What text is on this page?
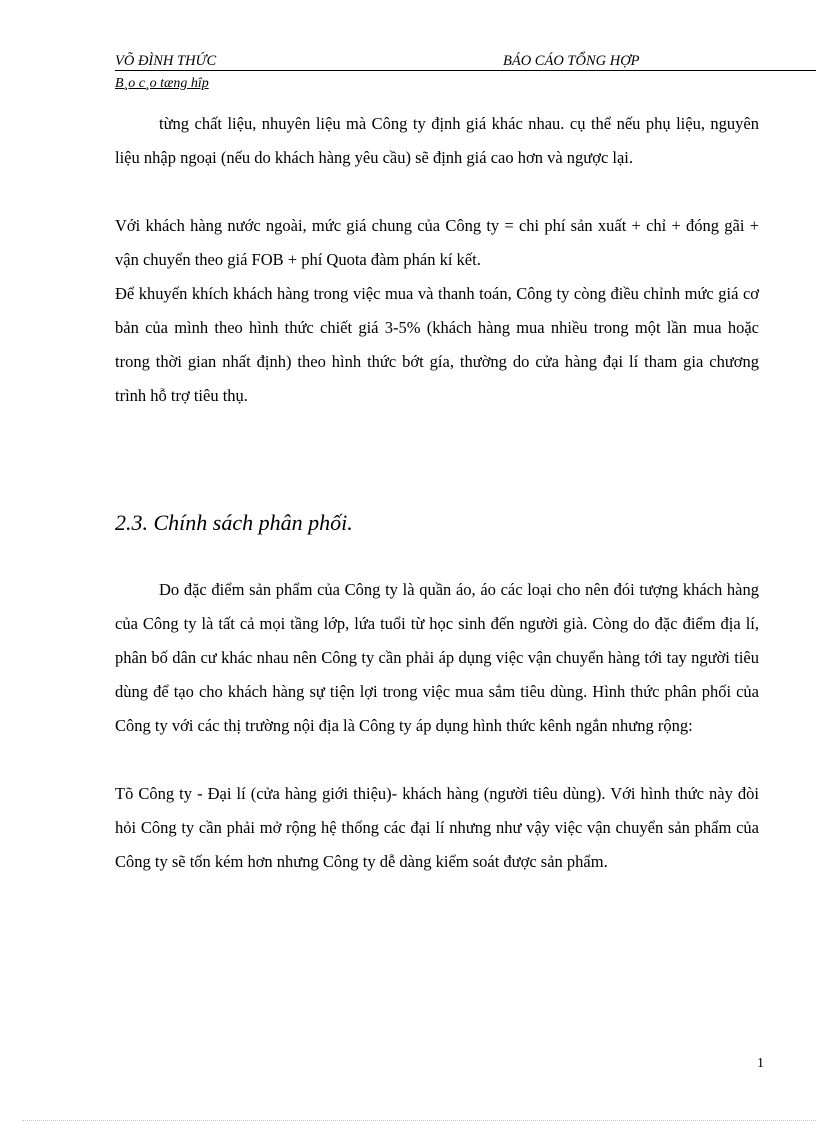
VÕ ĐÌNH THỨC	BÁO CÁO TỔNG HỢP
B¸o c¸o tæng hîp

từng chất liệu, nhuyên liệu mà Công ty định giá khác nhau. cụ thể nếu phụ liệu, nguyên liệu nhập ngoại (nếu do khách hàng yêu cầu) sẽ định giá cao hơn và ngược lại.

Với khách hàng nước ngoài, mức giá chung của Công ty = chi phí sản xuất + chỉ + đóng gãi + vận chuyển theo giá FOB + phí Quota đàm phán kí kết.

Để khuyến khích khách hàng trong việc mua và thanh toán, Công ty còng điều chỉnh mức giá cơ bản của mình theo hình thức chiết giá 3-5% (khách hàng mua nhiều trong một lần mua hoặc trong thời gian nhất định) theo hình thức bớt gía, thường do cửa hàng đại lí tham gia chương trình hỗ trợ tiêu thụ.

2.3. Chính sách phân phối.

Do đặc điểm sản phẩm của Công ty là quần áo, áo các loại cho nên đói tượng khách hàng của Công ty là tất cả mọi tầng lớp, lứa tuổi từ học sinh đến người già. Còng do đặc điểm địa lí, phân bố dân cư khác nhau nên Công ty cần phải áp dụng việc vận chuyển hàng tới tay người tiêu dùng để tạo cho khách hàng sự tiện lợi trong việc mua sắm tiêu dùng. Hình thức phân phối của Công ty với các thị trường nội địa là Công ty áp dụng hình thức kênh ngắn nhưng rộng:

Tõ Công ty - Đại lí (cửa hàng giới thiệu)- khách hàng (người tiêu dùng). Với hình thức này đòi hỏi Công ty cần phải mở rộng hệ thống các đại lí nhưng như vậy việc vận chuyển sản phẩm của Công ty sẽ tốn kém hơn nhưng Công ty dễ dàng kiểm soát được sản phẩm.

1
